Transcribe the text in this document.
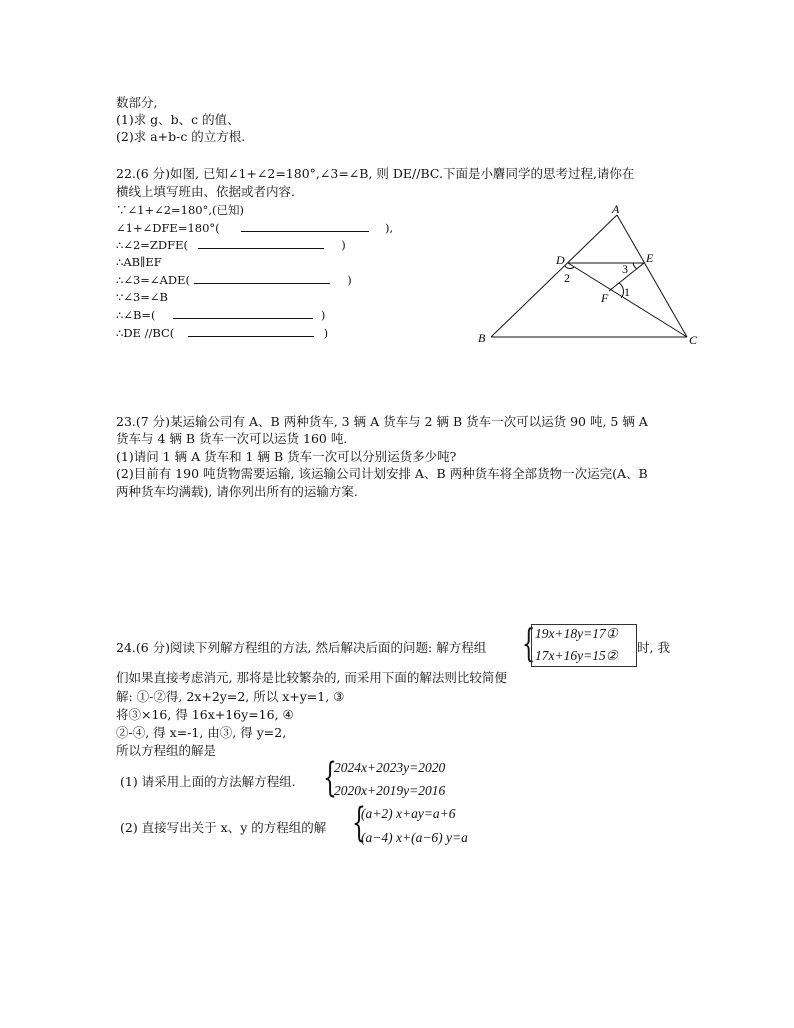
数部分,
(1)求 g、b、c 的值、
(2)求 a+b-c 的立方根.
22.(6 分)如图, 已知∠1+∠2=180°,∠3=∠B, 则 DE//BC.下面是小麏同学的思考过程,请你在
横线上填写班由、依据或者内容.
∵∠1+∠2=180°,(已知)
∠1+∠DFE=180°(	),
∴∠2=ZDFE(	)
∴AB∥EF
∴∠3=∠ADE(	)
∵∠3=∠B
∴∠B=(	)
∴DE //BC(	)
A
B	C
D	E
F 1
2
3
23.(7 分)某运输公司有 A、B 两种货车, 3 辆 A 货车与 2 辆 B 货车一次可以运货 90 吨, 5 辆 A
货车与 4 辆 B 货车一次可以运货 160 吨.
(1)请问 1 辆 A 货车和 1 辆 B 货车一次可以分别运货多少吨?
(2)目前有 190 吨货物需要运输, 该运输公司计划安排 A、B 两种货车将全部货物一次运完(A、B
两种货车均满载), 请你列出所有的运输方案.
24.(6 分)阅读下列解方程组的方法, 然后解决后面的问题: 解方程组 { 19x+18y=17①
17x+16y=15②
时, 我
们如果直接考虑消元, 那将是比较繁杂的, 而采用下面的解法则比较简便
解: ①-②得, 2x+2y=2, 所以 x+y=1, ③
将③×16, 得 16x+16y=16, ④
②-④, 得 x=-1, 由③, 得 y=2,
所以方程组的解是
(1) 请采用上面的方法解方程组. {
2024x+2023y=2020
2020x+2019y=2016
(2) 直接写出关于 x、y 的方程组的解 {
(a+2) x+ay=a+6
(a−4) x+(a−6) y=a
